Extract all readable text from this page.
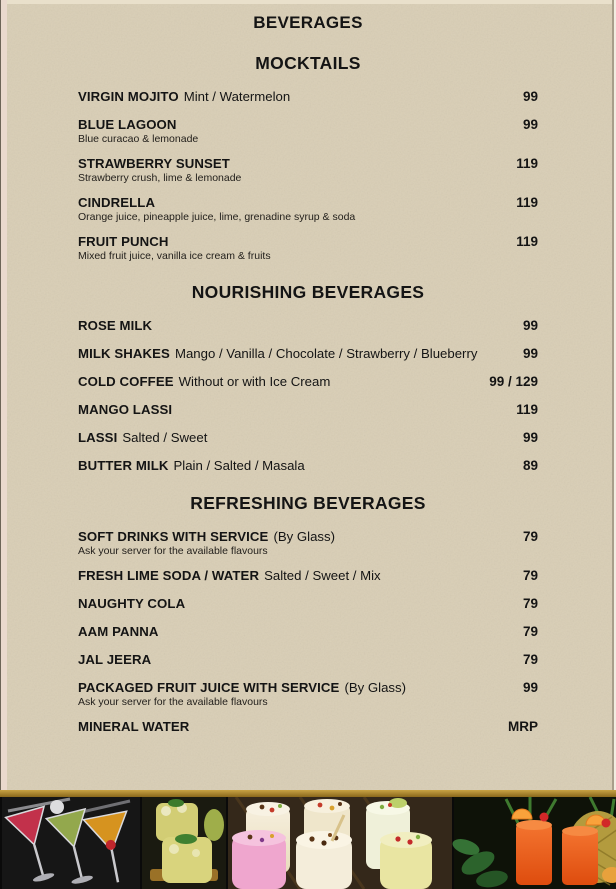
BEVERAGES
MOCKTAILS
VIRGIN MOJITO Mint / Watermelon	99
BLUE LAGOON	99
Blue curacao & lemonade
STRAWBERRY SUNSET	119
Strawberry crush, lime & lemonade
CINDRELLA	119
Orange juice, pineapple juice, lime, grenadine syrup & soda
FRUIT PUNCH	119
Mixed fruit juice, vanilla ice cream & fruits
NOURISHING BEVERAGES
ROSE MILK	99
MILK SHAKES Mango / Vanilla / Chocolate / Strawberry / Blueberry	99
COLD COFFEE Without or with Ice Cream	99 / 129
MANGO LASSI	119
LASSI Salted / Sweet	99
BUTTER MILK Plain / Salted / Masala	89
REFRESHING BEVERAGES
SOFT DRINKS WITH SERVICE (By Glass)	79
Ask your server for the available flavours
FRESH LIME SODA / WATER Salted / Sweet / Mix	79
NAUGHTY COLA	79
AAM PANNA	79
JAL JEERA	79
PACKAGED FRUIT JUICE WITH SERVICE (By Glass)	99
Ask your server for the available flavours
MINERAL WATER	MRP
